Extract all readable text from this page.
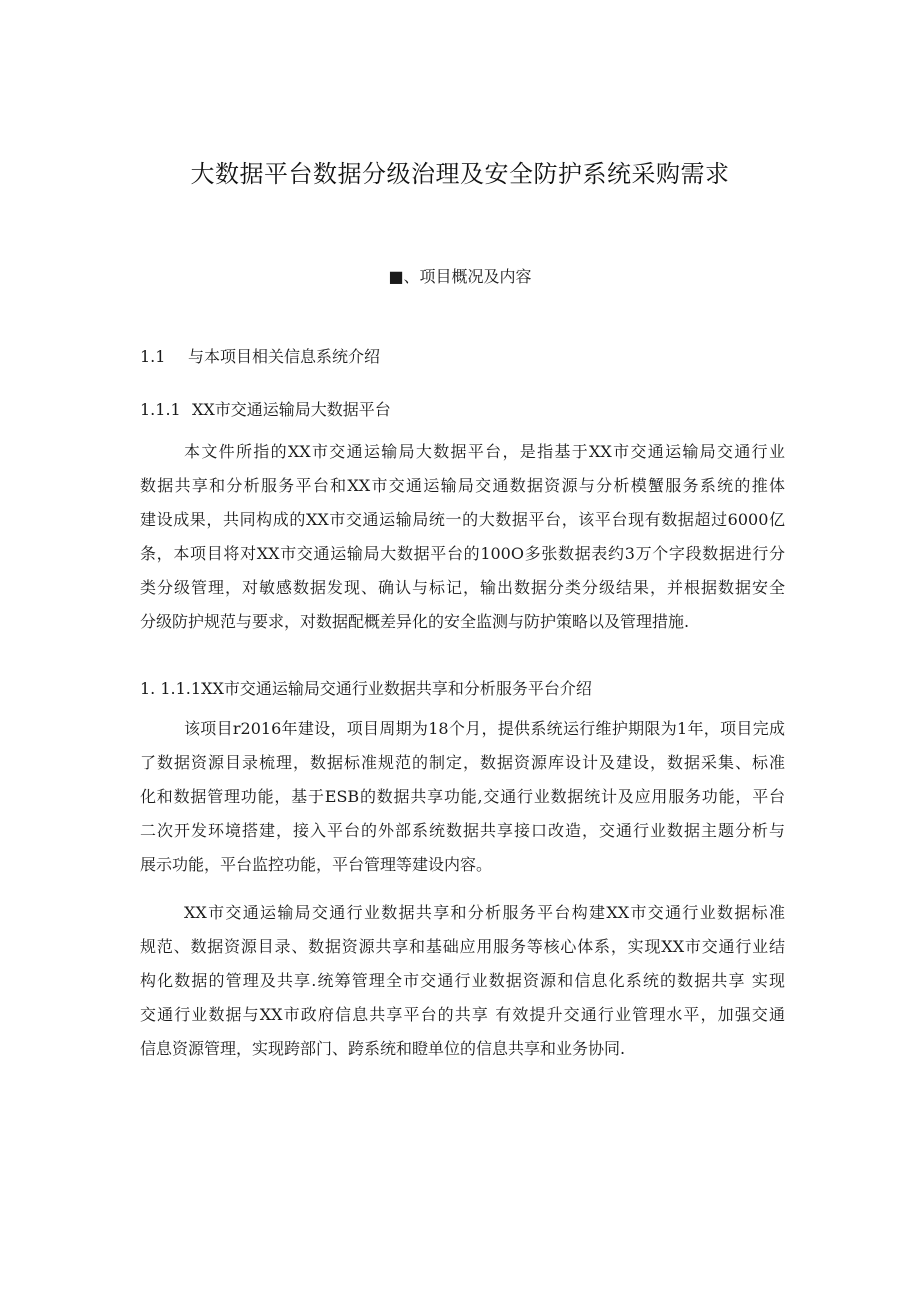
大数据平台数据分级治理及安全防护系统采购需求
■、项目概况及内容
1.1 与本项目相关信息系统介绍
1.1.1 XX市交通运输局大数据平台
本文件所指的XX市交通运输局大数据平台，是指基于XX市交通运输局交通行业
数据共享和分析服务平台和XX市交通运输局交通数据资源与分析模蟹服务系统的推体
建设成果，共同构成的XX市交通运输局统一的大数据平台，该平台现有数据超过6000亿
条，本项目将对XX市交通运输局大数据平台的100O多张数据表约3万个字段数据进行分
类分级管理，对敏感数据发现、确认与标记，输出数据分类分级结果，并根据数据安全
分级防护规范与要求，对数据配概差异化的安全监测与防护策略以及管理措施.
1. 1.1.1XX市交通运输局交通行业数据共享和分析服务平台介绍
该项目r2016年建设，项目周期为18个月，提供系统运行维护期限为1年，项目完成
了数据资源目录梳理，数据标准规范的制定，数据资源库设计及建设，数据采集、标准
化和数据管理功能，基于ESB的数据共享功能,交通行业数据统计及应用服务功能，平台
二次开发环境搭建，接入平台的外部系统数据共享接口改造，交通行业数据主题分析与
展示功能，平台监控功能，平台管理等建设内容。
XX市交通运输局交通行业数据共享和分析服务平台构建XX市交通行业数据标准
规范、数据资源目录、数据资源共享和基础应用服务等核心体系，实现XX市交通行业结
构化数据的管理及共享.统筹管理全市交通行业数据资源和信息化系统的数据共享 实现
交通行业数据与XX市政府信息共享平台的共享 有效提升交通行业管理水平，加强交通
信息资源管理，实现跨部门、跨系统和瞪单位的信息共享和业务协同.
